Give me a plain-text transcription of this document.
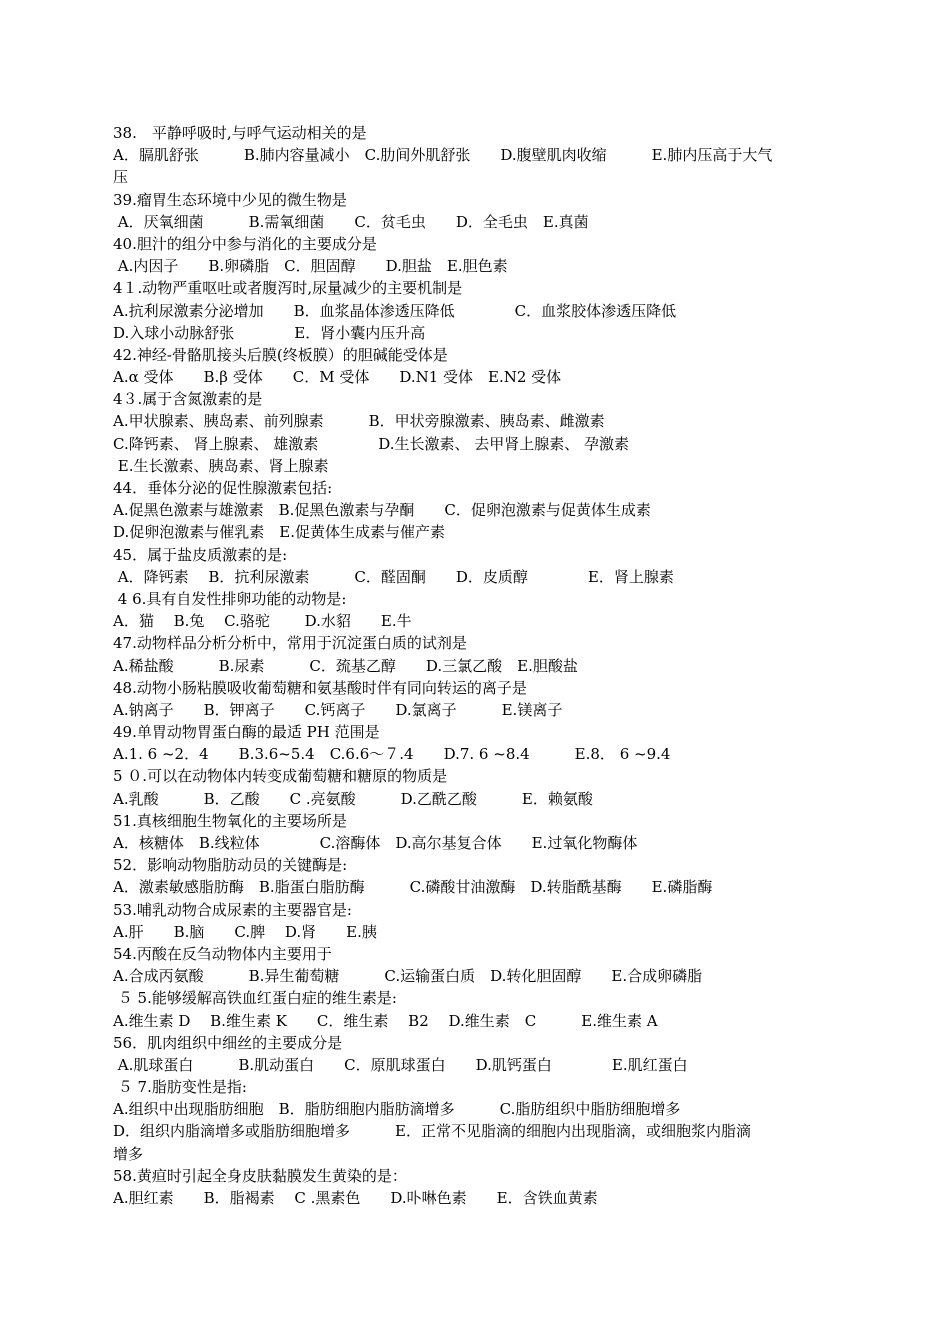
38.　平静呼吸时,与呼气运动相关的是
A．膈肌舒张　　　B.肺内容量减小　C.肋间外肌舒张　　D.腹壁肌肉收缩　　　E.肺内压高于大气
压
39.瘤胃生态环境中少见的微生物是
A．厌氧细菌　　　B.需氧细菌　　C．贫毛虫　　D．全毛虫　E.真菌
40.胆汁的组分中参与消化的主要成分是
A.内因子　　B.卵磷脂　C．胆固醇　　D.胆盐　E.胆色素
4１.动物严重呕吐或者腹泻时,尿量减少的主要机制是
A.抗利尿激素分泌增加　　B．血浆晶体渗透压降低　　　　C．血浆胶体渗透压降低
D.入球小动脉舒张　　　　E．肾小囊内压升高
42.神经-骨骼肌接头后膜(终板膜）的胆碱能受体是
A.α 受体　　B.β 受体　　C．M 受体　　D.N1 受体　E.N2 受体
4３.属于含氮激素的是
A.甲状腺素、胰岛素、前列腺素　　　B．甲状旁腺激素、胰岛素、雌激素
C.降钙素、 肾上腺素、 雄激素　　　　D.生长激素、 去甲肾上腺素、 孕激素
E.生长激素、胰岛素、肾上腺素
44．垂体分泌的促性腺激素包括:
A.促黑色激素与雄激素　B.促黑色激素与孕酮　　C．促卵泡激素与促黄体生成素
D.促卵泡激素与催乳素　E.促黄体生成素与催产素
45．属于盐皮质激素的是:
A．降钙素　 B．抗利尿激素　　　C．醛固酮　　D．皮质醇　　　　E．肾上腺素
4 6.具有自发性排卵功能的动物是:
A．猫　 B.兔　 C.骆驼　　 D.水貂　　E.牛
47.动物样品分析分析中，常用于沉淀蛋白质的试剂是
A.稀盐酸　　　B.尿素　　　C．巯基乙醇　　D.三氯乙酸　E.胆酸盐
48.动物小肠粘膜吸收葡萄糖和氨基酸时伴有同向转运的离子是
A.钠离子　　B．钾离子　　C.钙离子　　D.氯离子　　　E.镁离子
49.单胃动物胃蛋白酶的最适 PH 范围是
A.1. 6 ~2．4　　B.3.6~5.4　C.6.6～７.4　　D.7. 6 ~8.4　　　E.8． 6 ~9.4
5 ０.可以在动物体内转变成葡萄糖和糖原的物质是
A.乳酸　　　B．乙酸　　C .亮氨酸　　　D.乙酰乙酸　　　E．赖氨酸
51.真核细胞生物氧化的主要场所是
A．核糖体　B.线粒体　　　　C.溶酶体　D.高尔基复合体　　E.过氧化物酶体
52．影响动物脂肪动员的关键酶是:
A．激素敏感脂肪酶　B.脂蛋白脂肪酶　　　C.磷酸甘油激酶　D.转脂酰基酶　　E.磷脂酶
53.哺乳动物合成尿素的主要器官是:
A.肝　　B.脑　　C.脾　 D.肾　　E.胰
54.丙酸在反刍动物体内主要用于
A.合成丙氨酸　　　B.异生葡萄糖　　　C.运输蛋白质　D.转化胆固醇　　E.合成卵磷脂
５ 5.能够缓解高铁血红蛋白症的维生素是:
A.维生素 D　 B.维生素 K　　C．维生素　 B2　 D.维生素　C　　　E.维生素 A
56．肌肉组织中细丝的主要成分是
A.肌球蛋白　　　B.肌动蛋白　　C．原肌球蛋白　　D.肌钙蛋白　　　　E.肌红蛋白
５ 7.脂肪变性是指:
A.组织中出现脂肪细胞　B．脂肪细胞内脂肪滴增多　　　C.脂肪组织中脂肪细胞增多
D．组织内脂滴增多或脂肪细胞增多　　　E．正常不见脂滴的细胞内出现脂滴，或细胞浆内脂滴
增多
58.黄疸时引起全身皮肤黏膜发生黄染的是：
A.胆红素　　B．脂褐素　 C .黑素色　　D.卟啉色素　　E．含铁血黄素
